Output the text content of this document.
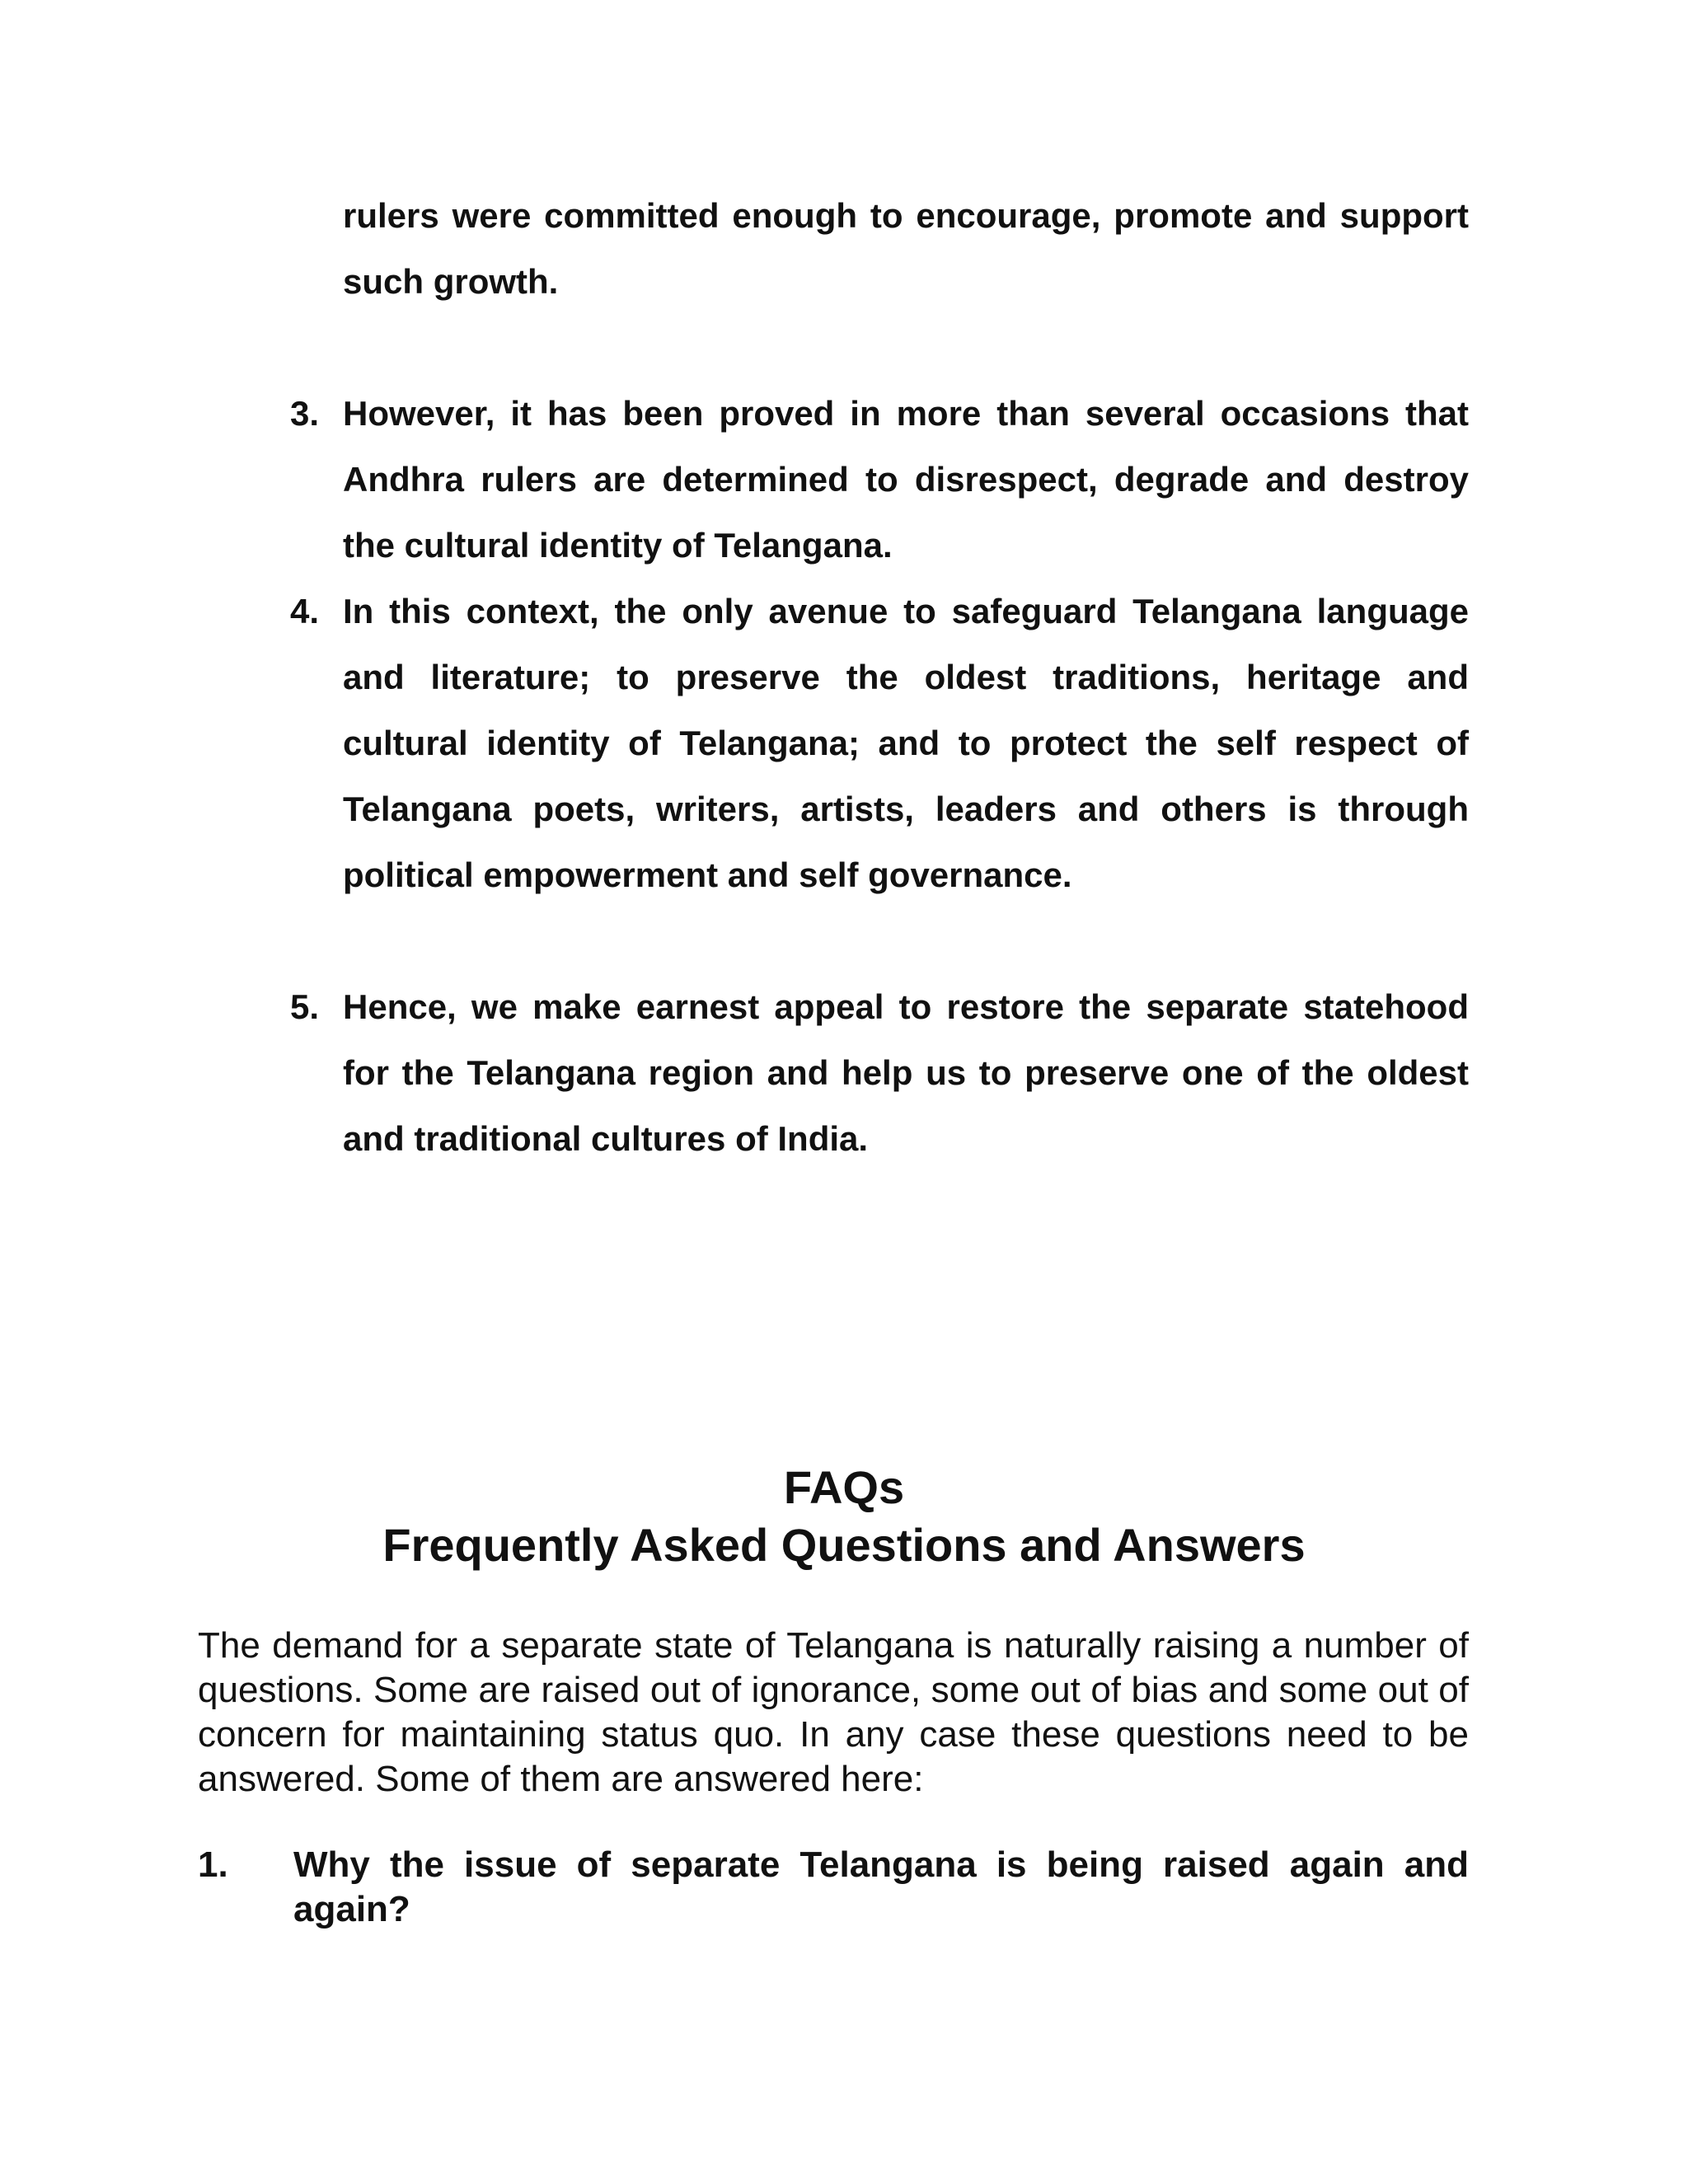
rulers were committed enough to encourage, promote and support such growth.

3. However, it has been proved in more than several occasions that Andhra rulers are determined to disrespect, degrade and destroy the cultural identity of Telangana.
4. In this context, the only avenue to safeguard Telangana language and literature; to preserve the oldest traditions, heritage and cultural identity of Telangana; and to protect the self respect of Telangana poets, writers, artists, leaders and others is through political empowerment and self governance.
5. Hence, we make earnest appeal to restore the separate statehood for the Telangana region and help us to preserve one of the oldest and traditional cultures of India.
FAQs
Frequently Asked Questions and Answers

The demand for a separate state of Telangana is naturally raising a number of questions. Some are raised out of ignorance, some out of bias and some out of concern for maintaining status quo. In any case these questions need to be answered. Some of them are answered here:

1. Why the issue of separate Telangana is being raised again and again?
